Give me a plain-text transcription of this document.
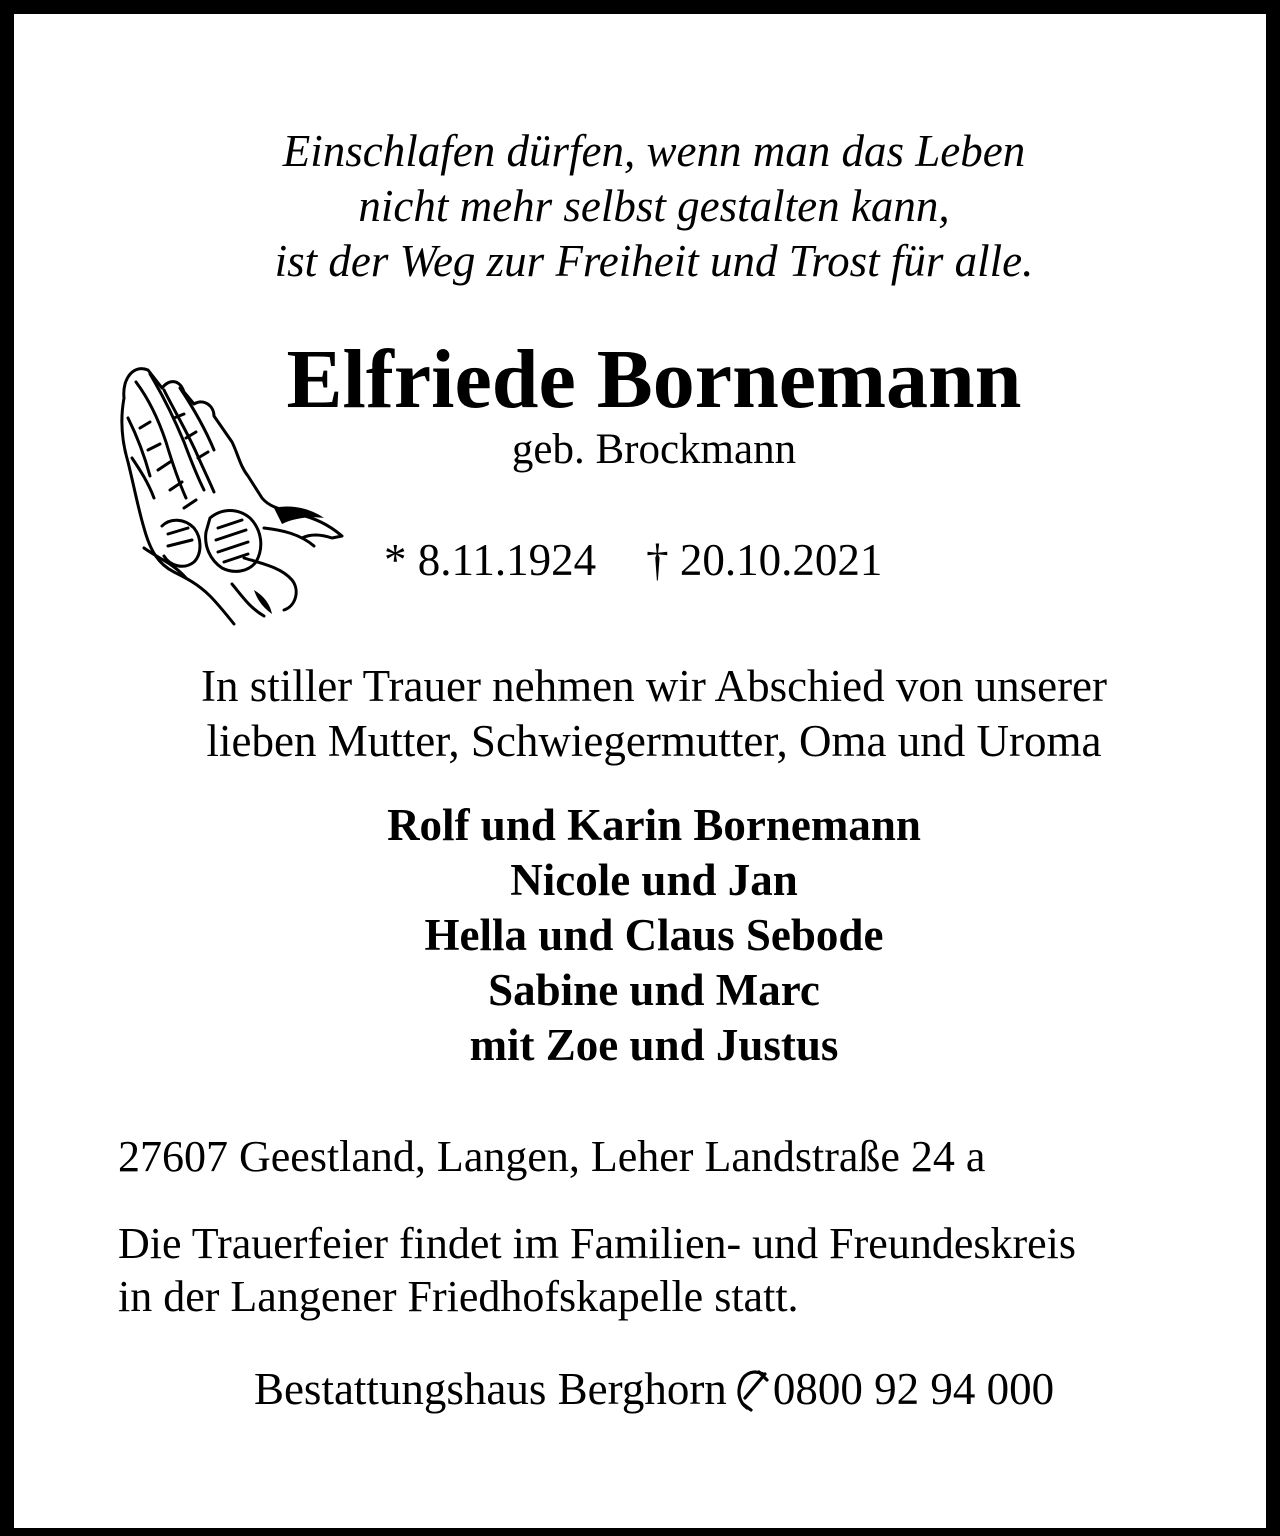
Einschlafen dürfen, wenn man das Leben
nicht mehr selbst gestalten kann,
ist der Weg zur Freiheit und Trost für alle.
Elfriede Bornemann
geb. Brockmann
* 8.11.1924 † 20.10.2021
In stiller Trauer nehmen wir Abschied von unserer
lieben Mutter, Schwiegermutter, Oma und Uroma
Rolf und Karin Bornemann
Nicole und Jan
Hella und Claus Sebode
Sabine und Marc
mit Zoe und Justus
27607 Geestland, Langen, Leher Landstraße 24 a
Die Trauerfeier findet im Familien- und Freundeskreis
in der Langener Friedhofskapelle statt.
Bestattungshaus Berghorn 0800 92 94 000
